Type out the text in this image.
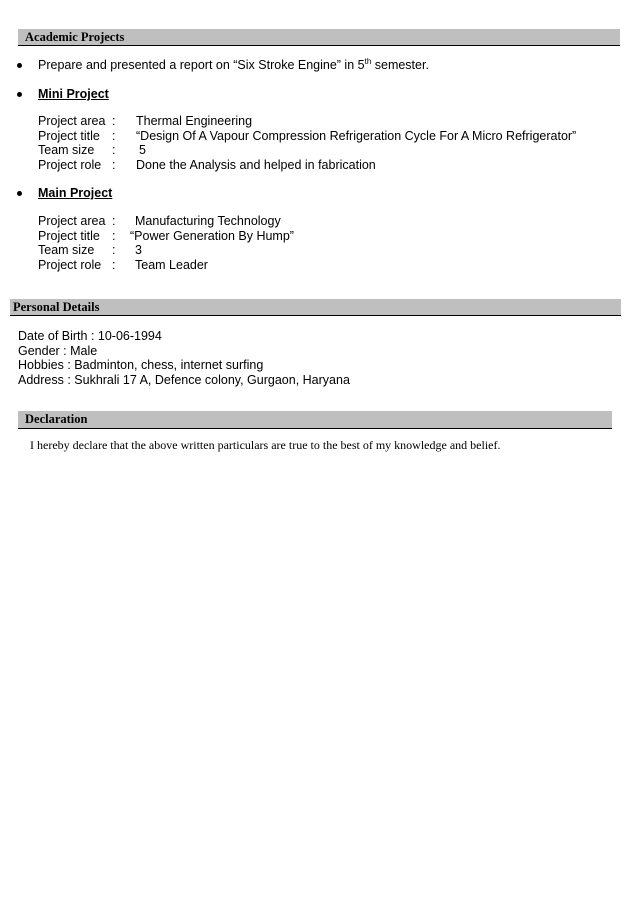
Academic Projects
Prepare and presented a report on “Six Stroke Engine” in 5th semester.
Mini Project
Project area : Thermal Engineering
Project title : “Design Of A Vapour Compression Refrigeration Cycle For A Micro Refrigerator”
Team size : 5
Project role : Done the Analysis and helped in fabrication
Main Project
Project area : Manufacturing Technology
Project title : “Power Generation By Hump”
Team size : 3
Project role : Team Leader
Personal Details
Date of Birth : 10-06-1994
Gender : Male
Hobbies : Badminton, chess, internet surfing
Address : Sukhrali 17 A, Defence colony, Gurgaon, Haryana
Declaration
I hereby declare that the above written particulars are true to the best of my knowledge and belief.
